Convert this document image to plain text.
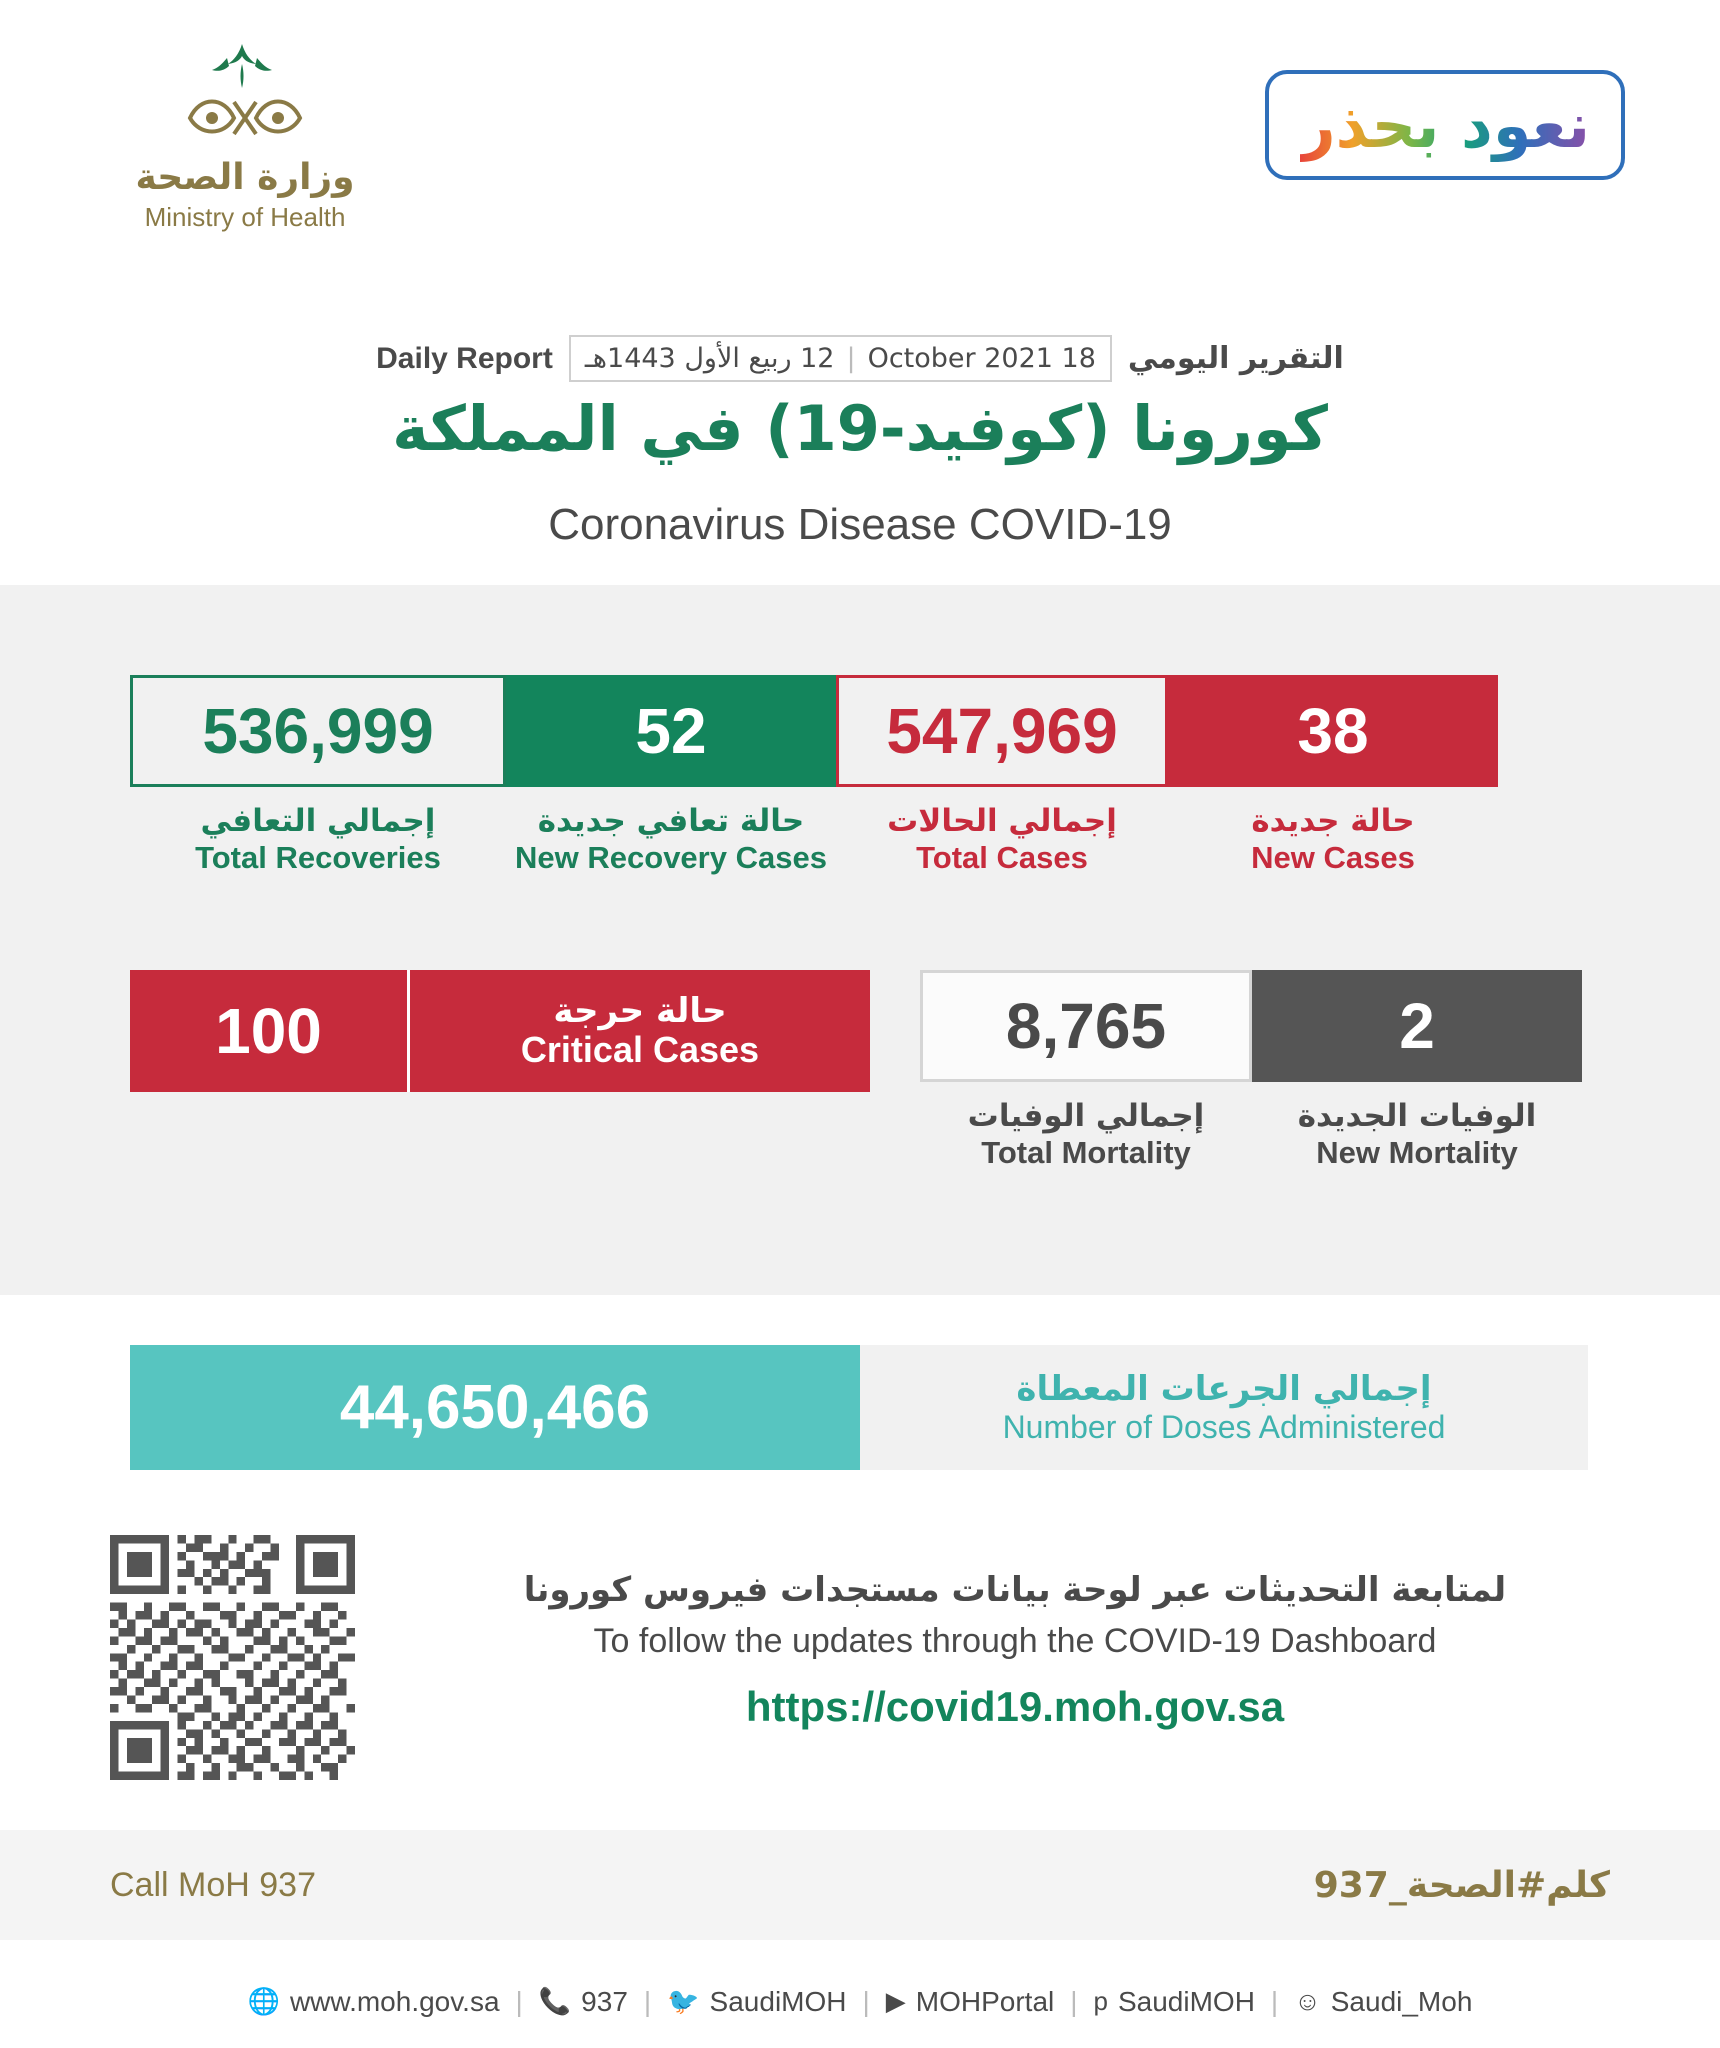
وزارة الصحة
Ministry of Health
نعود بحذر
Daily Report	18 October 2021
|
12 ربيع الأول 1443هـ	التقرير اليومي
كورونا (كوفيد-19) في المملكة
Coronavirus Disease COVID-19
536,999
إجمالي التعافي
Total Recoveries
52
حالة تعافي جديدة
New Recovery Cases
547,969
إجمالي الحالات
Total Cases
38
حالة جديدة
New Cases
100	حالة حرجة
Critical Cases	8,765
إجمالي الوفيات
Total Mortality
2
الوفيات الجديدة
New Mortality
44,650,466	إجمالي الجرعات المعطاة
Number of Doses Administered
لمتابعة التحديثات عبر لوحة بيانات مستجدات فيروس كورونا
To follow the updates through the COVID-19 Dashboard
https://covid19.moh.gov.sa
Call MoH 937	كلم#الصحة_937
🌐 www.moh.gov.sa | 📞 937 | 🐦 SaudiMOH | ▶ MOHPortal | p SaudiMOH | ☺ Saudi_Moh
